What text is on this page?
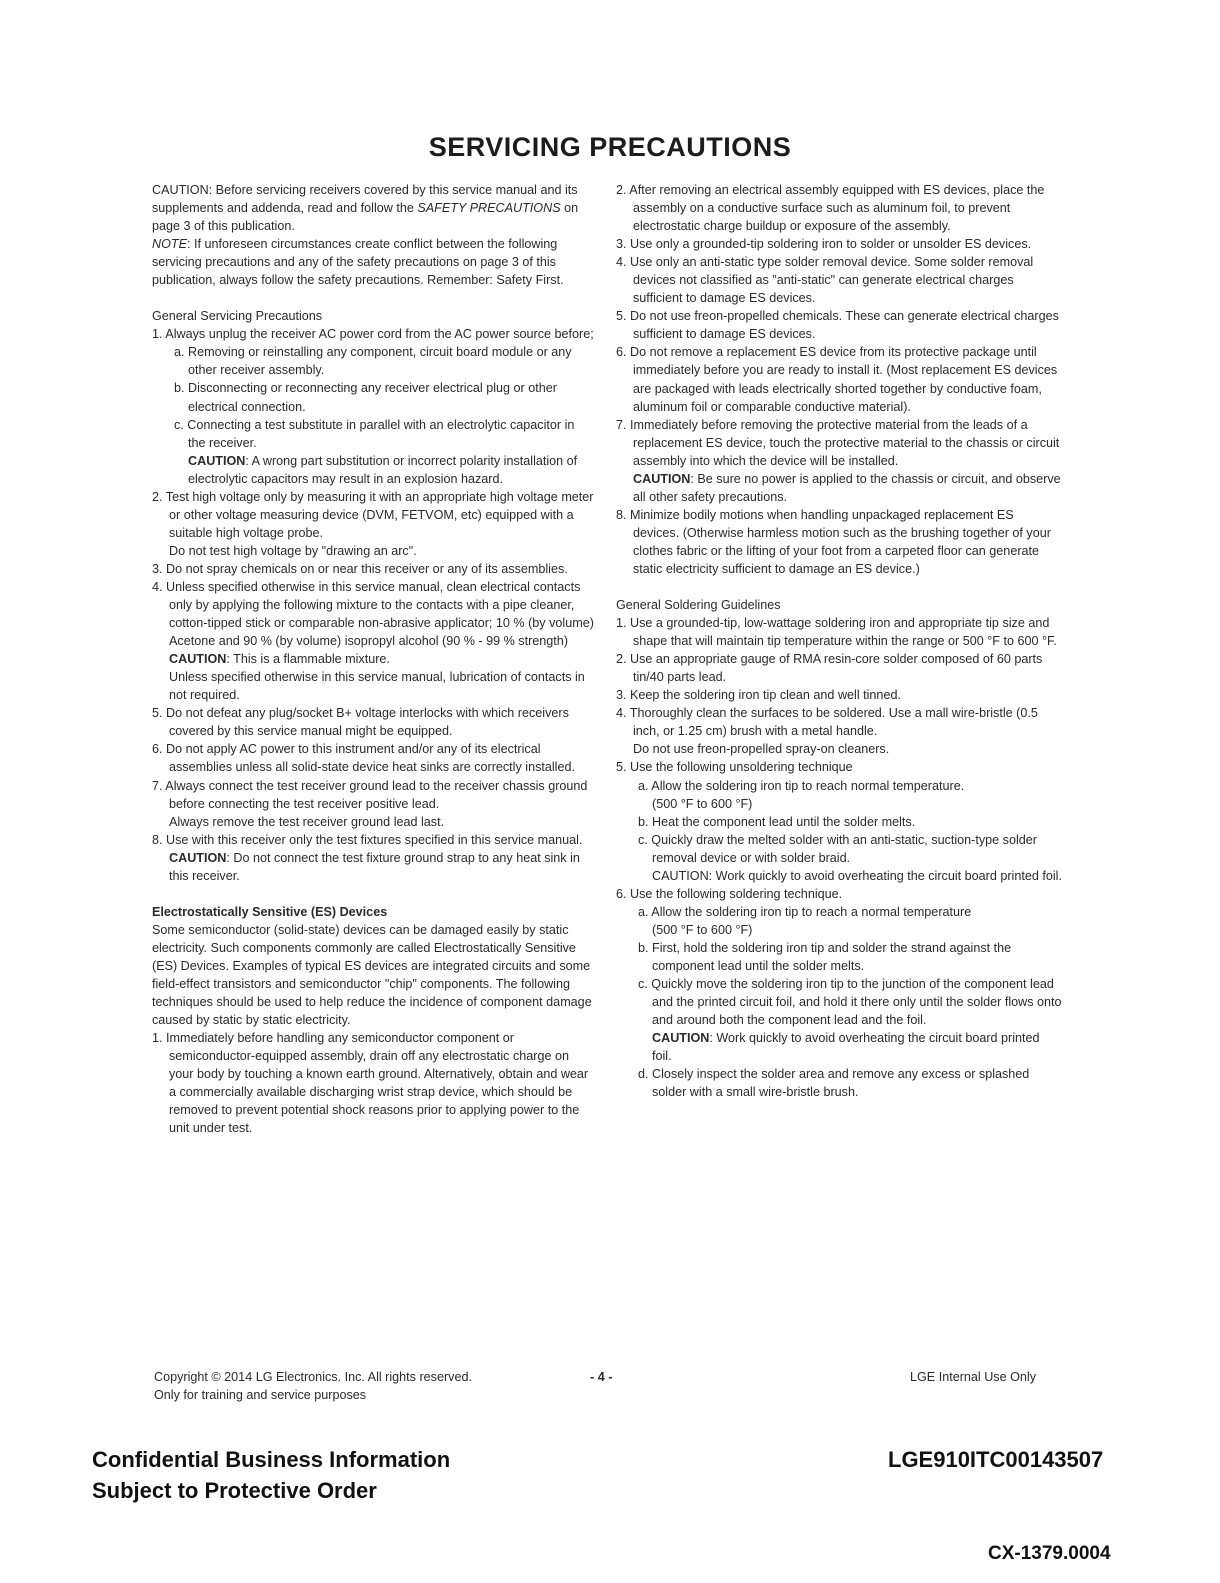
SERVICING PRECAUTIONS

CAUTION: Before servicing receivers covered by this service manual and its supplements and addenda, read and follow the SAFETY PRECAUTIONS on page 3 of this publication.

NOTE: If unforeseen circumstances create conflict between the following servicing precautions and any of the safety precautions on page 3 of this publication, always follow the safety precautions. Remember: Safety First.

General Servicing Precautions

1. Always unplug the receiver AC power cord from the AC power source before;

a. Removing or reinstalling any component, circuit board module or any other receiver assembly.

b. Disconnecting or reconnecting any receiver electrical plug or other electrical connection.

c. Connecting a test substitute in parallel with an electrolytic capacitor in the receiver.

CAUTION: A wrong part substitution or incorrect polarity installation of electrolytic capacitors may result in an explosion hazard.

2. Test high voltage only by measuring it with an appropriate high voltage meter or other voltage measuring device (DVM, FETVOM, etc) equipped with a suitable high voltage probe.

Do not test high voltage by "drawing an arc".

3. Do not spray chemicals on or near this receiver or any of its assemblies.

4. Unless specified otherwise in this service manual, clean electrical contacts only by applying the following mixture to the contacts with a pipe cleaner, cotton-tipped stick or comparable non-abrasive applicator; 10 % (by volume) Acetone and 90 % (by volume) isopropyl alcohol (90 % - 99 % strength)

CAUTION: This is a flammable mixture.

Unless specified otherwise in this service manual, lubrication of contacts in not required.

5. Do not defeat any plug/socket B+ voltage interlocks with which receivers covered by this service manual might be equipped.

6. Do not apply AC power to this instrument and/or any of its electrical assemblies unless all solid-state device heat sinks are correctly installed.

7. Always connect the test receiver ground lead to the receiver chassis ground before connecting the test receiver positive lead.

Always remove the test receiver ground lead last.

8. Use with this receiver only the test fixtures specified in this service manual.

CAUTION: Do not connect the test fixture ground strap to any heat sink in this receiver.

Electrostatically Sensitive (ES) Devices

Some semiconductor (solid-state) devices can be damaged easily by static electricity. Such components commonly are called Electrostatically Sensitive (ES) Devices. Examples of typical ES devices are integrated circuits and some field-effect transistors and semiconductor "chip" components. The following techniques should be used to help reduce the incidence of component damage caused by static by static electricity.

1. Immediately before handling any semiconductor component or semiconductor-equipped assembly, drain off any electrostatic charge on your body by touching a known earth ground. Alternatively, obtain and wear a commercially available discharging wrist strap device, which should be removed to prevent potential shock reasons prior to applying power to the unit under test.

2. After removing an electrical assembly equipped with ES devices, place the assembly on a conductive surface such as aluminum foil, to prevent electrostatic charge buildup or exposure of the assembly.

3. Use only a grounded-tip soldering iron to solder or unsolder ES devices.

4. Use only an anti-static type solder removal device. Some solder removal devices not classified as "anti-static" can generate electrical charges sufficient to damage ES devices.

5. Do not use freon-propelled chemicals. These can generate electrical charges sufficient to damage ES devices.

6. Do not remove a replacement ES device from its protective package until immediately before you are ready to install it. (Most replacement ES devices are packaged with leads electrically shorted together by conductive foam, aluminum foil or comparable conductive material).

7. Immediately before removing the protective material from the leads of a replacement ES device, touch the protective material to the chassis or circuit assembly into which the device will be installed.

CAUTION: Be sure no power is applied to the chassis or circuit, and observe all other safety precautions.

8. Minimize bodily motions when handling unpackaged replacement ES devices. (Otherwise harmless motion such as the brushing together of your clothes fabric or the lifting of your foot from a carpeted floor can generate static electricity sufficient to damage an ES device.)

General Soldering Guidelines

1. Use a grounded-tip, low-wattage soldering iron and appropriate tip size and shape that will maintain tip temperature within the range or 500 °F to 600 °F.

2. Use an appropriate gauge of RMA resin-core solder composed of 60 parts tin/40 parts lead.

3. Keep the soldering iron tip clean and well tinned.

4. Thoroughly clean the surfaces to be soldered. Use a mall wire-bristle (0.5 inch, or 1.25 cm) brush with a metal handle.

Do not use freon-propelled spray-on cleaners.

5. Use the following unsoldering technique

a. Allow the soldering iron tip to reach normal temperature.

(500 °F to 600 °F)

b. Heat the component lead until the solder melts.

c. Quickly draw the melted solder with an anti-static, suction-type solder removal device or with solder braid.

CAUTION: Work quickly to avoid overheating the circuit board printed foil.

6. Use the following soldering technique.

a. Allow the soldering iron tip to reach a normal temperature

(500 °F to 600 °F)

b. First, hold the soldering iron tip and solder the strand against the component lead until the solder melts.

c. Quickly move the soldering iron tip to the junction of the component lead and the printed circuit foil, and hold it there only until the solder flows onto and around both the component lead and the foil.

CAUTION: Work quickly to avoid overheating the circuit board printed foil.

d. Closely inspect the solder area and remove any excess or splashed solder with a small wire-bristle brush.

Copyright © 2014 LG Electronics. Inc. All rights reserved.
Only for training and service purposes
- 4 -	LGE Internal Use Only
Confidential Business Information
Subject to Protective Order
LGE910ITC00143507
CX-1379.0004
